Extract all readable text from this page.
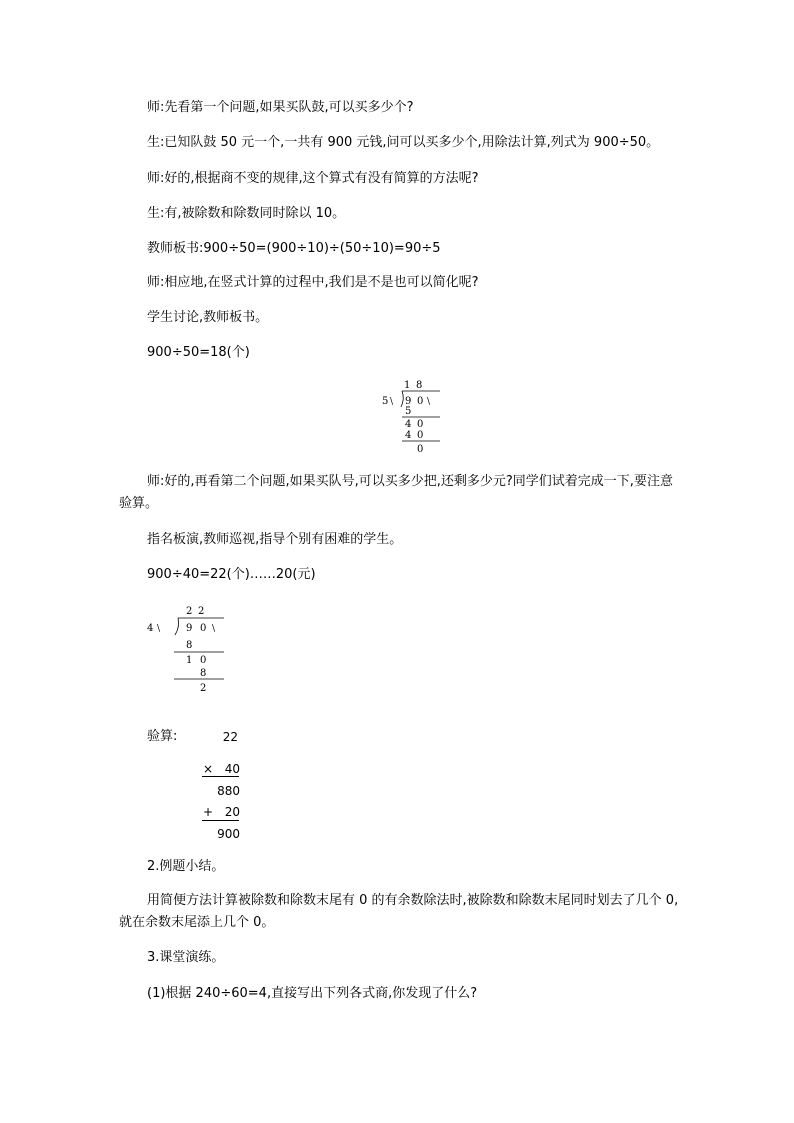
师:先看第一个问题,如果买队鼓,可以买多少个?

生:已知队鼓 50 元一个,一共有 900 元钱,问可以买多少个,用除法计算,列式为 900÷50。

师:好的,根据商不变的规律,这个算式有没有简算的方法呢?

生:有,被除数和除数同时除以 10。

教师板书:900÷50=(900÷10)÷(50÷10)=90÷5

师:相应地,在竖式计算的过程中,我们是不是也可以简化呢?

学生讨论,教师板书。

900÷50=18(个)

1 8
5 \ 9 0 \
5
4 0
4 0
0

师:好的,再看第二个问题,如果买队号,可以买多少把,还剩多少元?同学们试着完成一下,要注意验算。

指名板演,教师巡视,指导个别有困难的学生。

900÷40=22(个)……20(元)

2 2
4 \	9 0 \
8
1 0
8
2

验算:	22
× 40
880
+ 20
900

2.例题小结。

用简便方法计算被除数和除数末尾有 0 的有余数除法时,被除数和除数末尾同时划去了几个 0,就在余数末尾添上几个 0。

3.课堂演练。

(1)根据 240÷60=4,直接写出下列各式商,你发现了什么?
